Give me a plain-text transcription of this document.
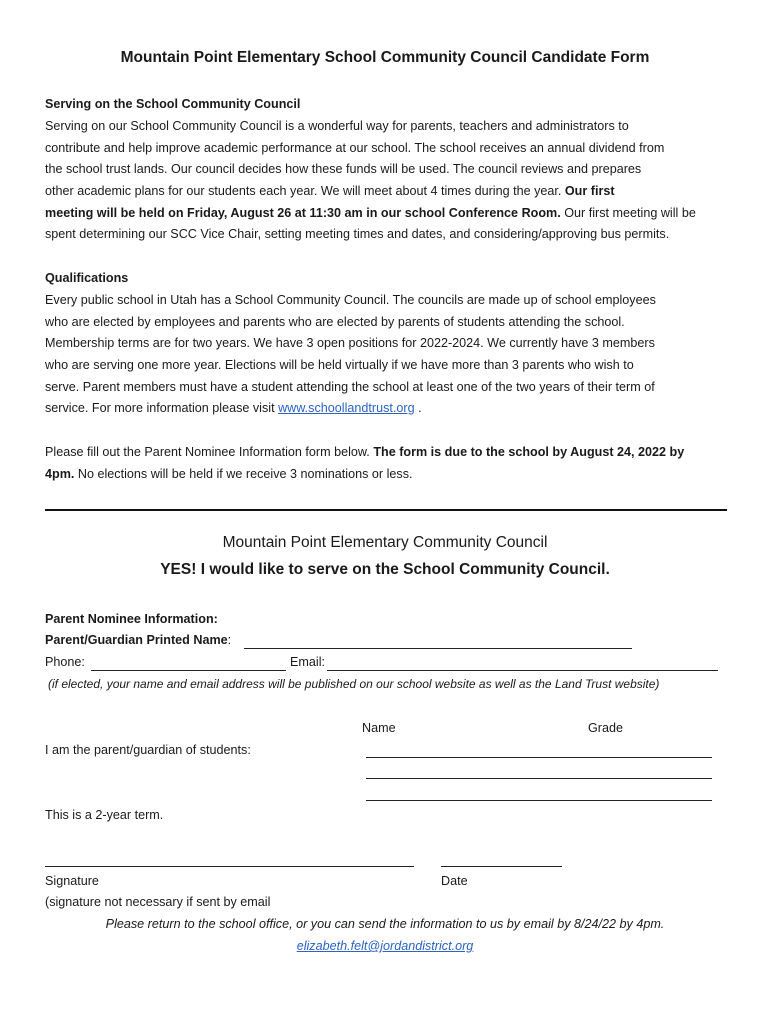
Mountain Point Elementary School Community Council Candidate Form
Serving on the School Community Council
Serving on our School Community Council is a wonderful way for parents, teachers and administrators to
contribute and help improve academic performance at our school. The school receives an annual dividend from
the school trust lands. Our council decides how these funds will be used. The council reviews and prepares
other academic plans for our students each year. We will meet about 4 times during the year. Our first
meeting will be held on Friday, August 26 at 11:30 am in our school Conference Room. Our first meeting will be
spent determining our SCC Vice Chair, setting meeting times and dates, and considering/approving bus permits.
Qualifications
Every public school in Utah has a School Community Council. The councils are made up of school employees
who are elected by employees and parents who are elected by parents of students attending the school.
Membership terms are for two years. We have 3 open positions for 2022-2024. We currently have 3 members
who are serving one more year. Elections will be held virtually if we have more than 3 parents who wish to
serve. Parent members must have a student attending the school at least one of the two years of their term of
service. For more information please visit www.schoollandtrust.org .
Please fill out the Parent Nominee Information form below. The form is due to the school by August 24, 2022 by
4pm. No elections will be held if we receive 3 nominations or less.
Mountain Point Elementary Community Council
YES! I would like to serve on the School Community Council.
Parent Nominee Information:
Parent/Guardian Printed Name:
Phone:	Email:
(if elected, your name and email address will be published on our school website as well as the Land Trust website)
Name	Grade
I am the parent/guardian of students:
This is a 2-year term.
Signature	Date
(signature not necessary if sent by email
Please return to the school office, or you can send the information to us by email by 8/24/22 by 4pm.
elizabeth.felt@jordandistrict.org
